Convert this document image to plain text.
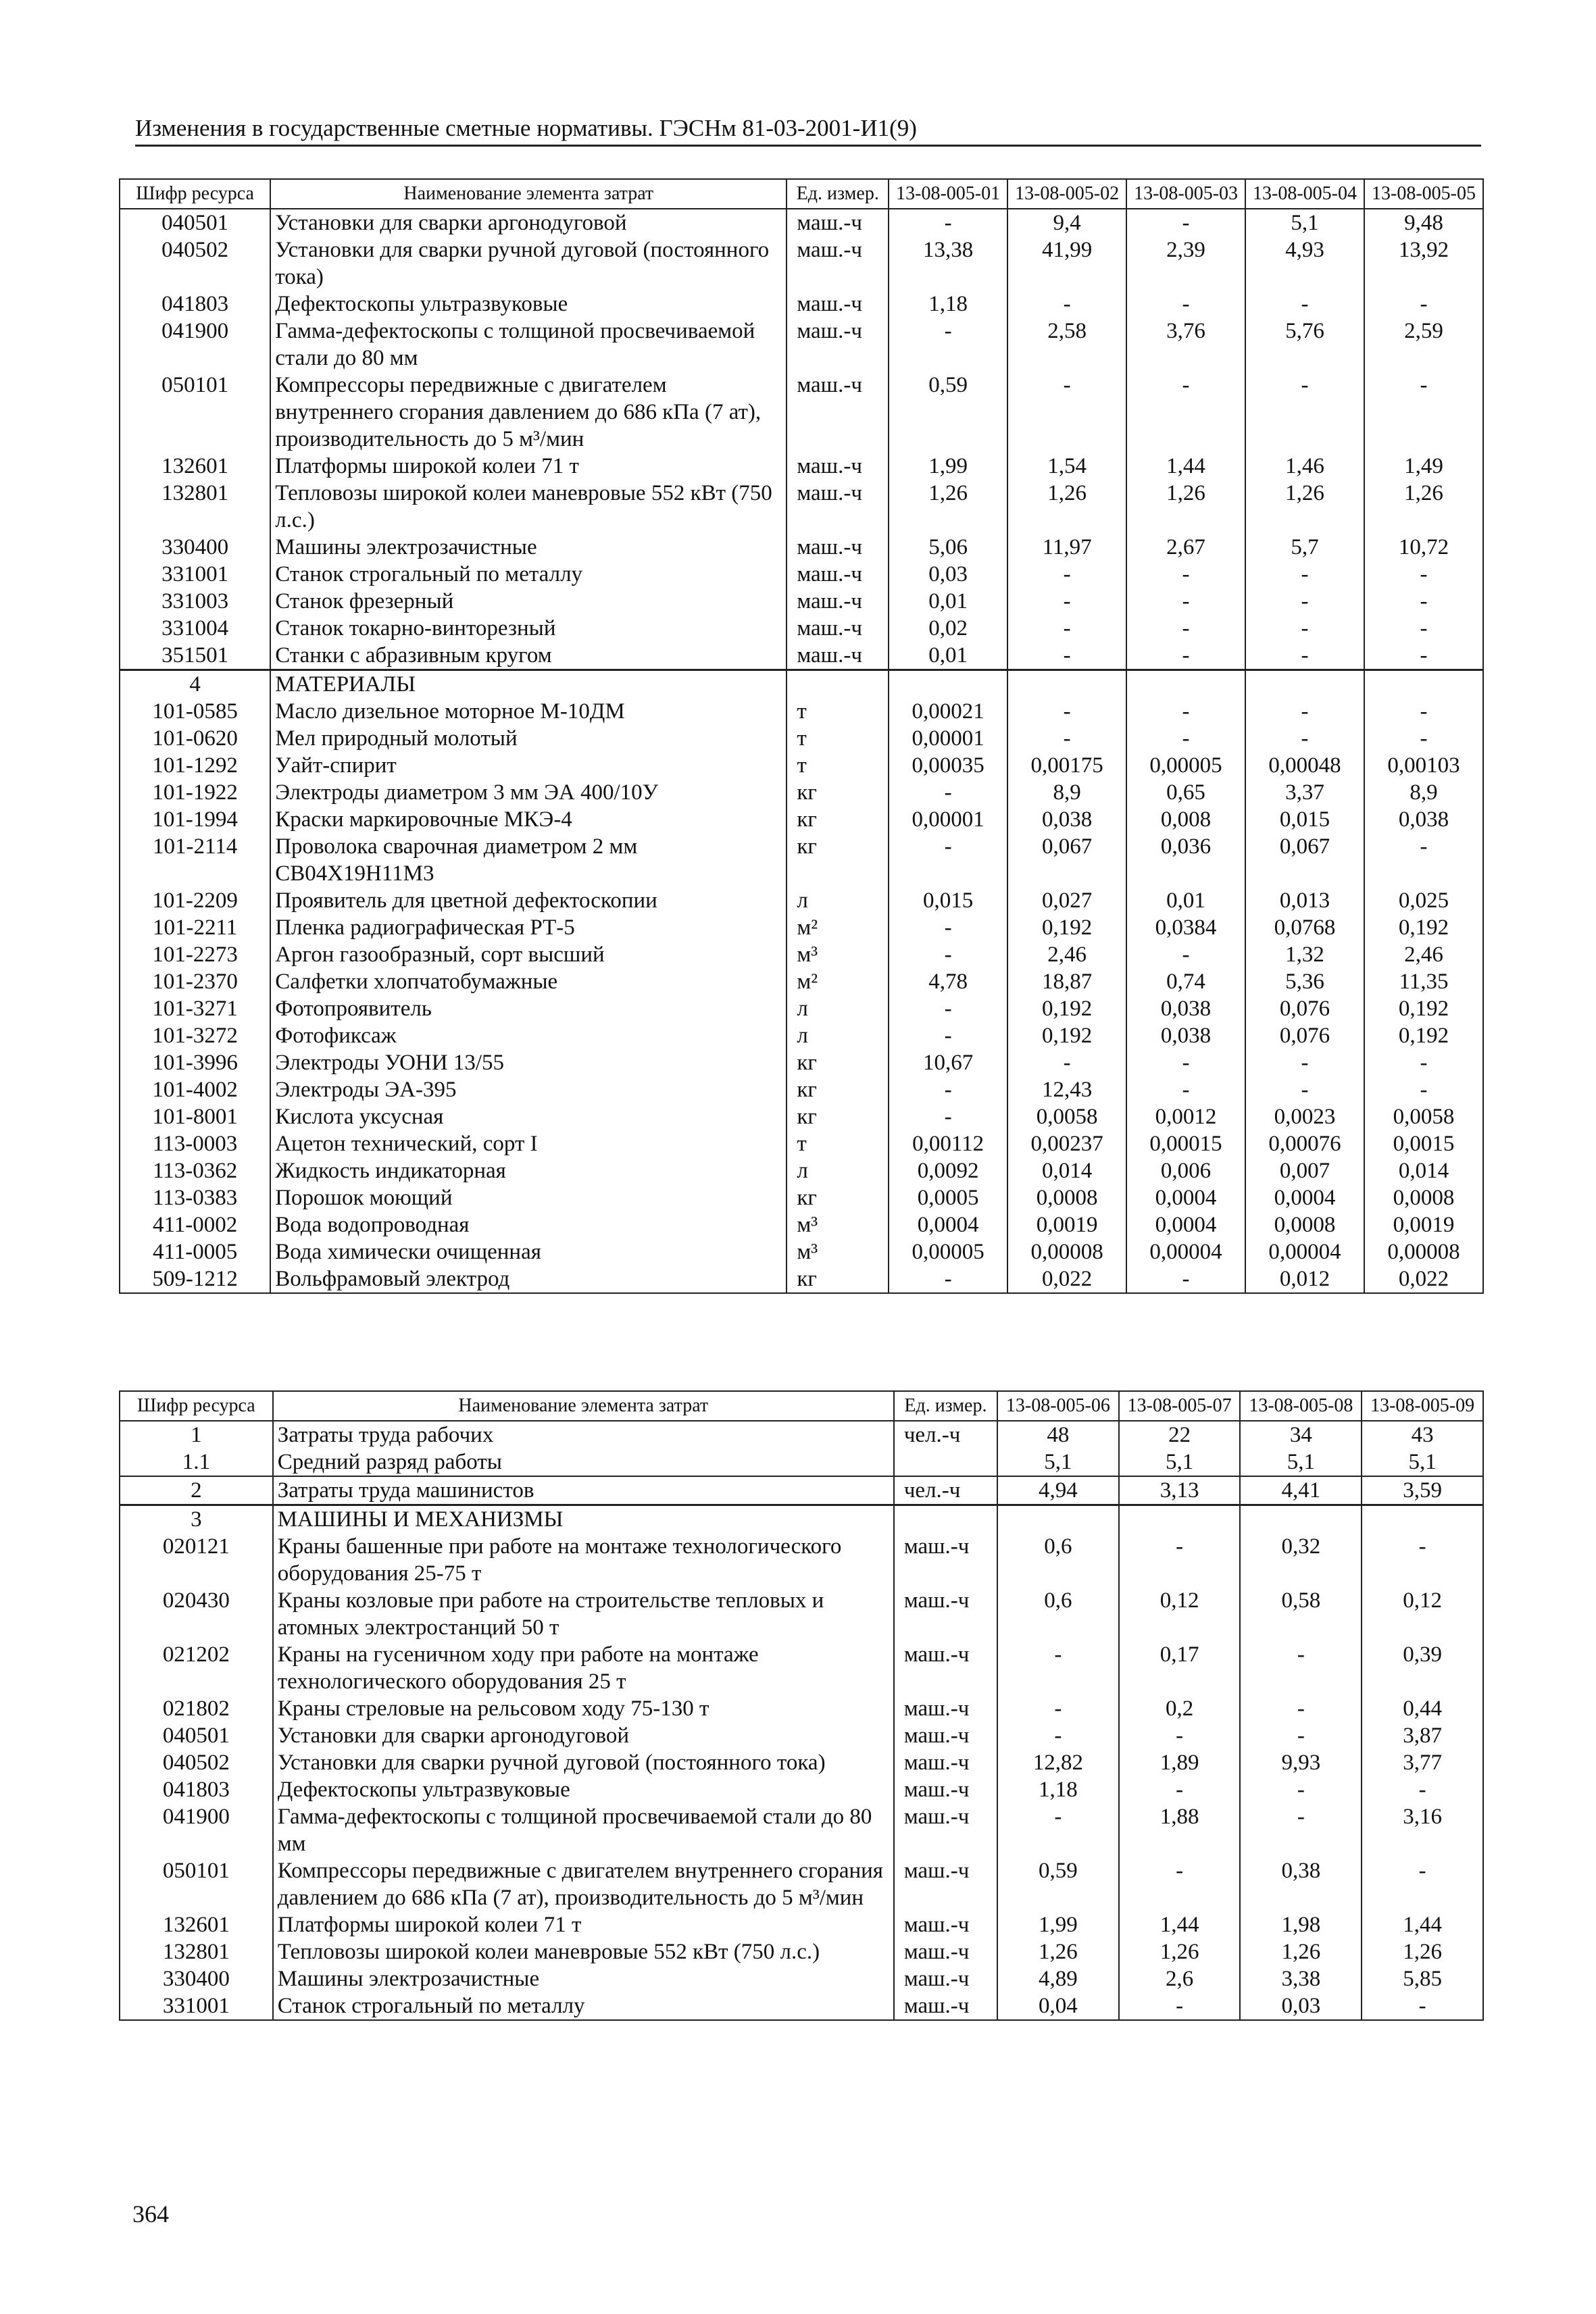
Изменения в государственные сметные нормативы. ГЭСНм 81-03-2001-И1(9)
Шифр ресурса	Наименование элемента затрат	Ед. измер.	13-08-005-01	13-08-005-02	13-08-005-03	13-08-005-04	13-08-005-05
040501	Установки для сварки аргонодуговой	маш.-ч	-	9,4	-	5,1	9,48
040502	Установки для сварки ручной дуговой (постоянного тока)	маш.-ч	13,38	41,99	2,39	4,93	13,92
041803	Дефектоскопы ультразвуковые	маш.-ч	1,18	-	-	-	-
041900	Гамма-дефектоскопы с толщиной просвечиваемой стали до 80 мм	маш.-ч	-	2,58	3,76	5,76	2,59
050101	Компрессоры передвижные с двигателем внутреннего сгорания давлением до 686 кПа (7 ат), производительность до 5 м³/мин	маш.-ч	0,59	-	-	-	-
132601	Платформы широкой колеи 71 т	маш.-ч	1,99	1,54	1,44	1,46	1,49
132801	Тепловозы широкой колеи маневровые 552 кВт (750 л.с.)	маш.-ч	1,26	1,26	1,26	1,26	1,26
330400	Машины электрозачистные	маш.-ч	5,06	11,97	2,67	5,7	10,72
331001	Станок строгальный по металлу	маш.-ч	0,03	-	-	-	-
331003	Станок фрезерный	маш.-ч	0,01	-	-	-	-
331004	Станок токарно-винторезный	маш.-ч	0,02	-	-	-	-
351501	Станки с абразивным кругом	маш.-ч	0,01	-	-	-	-
4	МАТЕРИАЛЫ						
101-0585	Масло дизельное моторное М-10ДМ	т	0,00021	-	-	-	-
101-0620	Мел природный молотый	т	0,00001	-	-	-	-
101-1292	Уайт-спирит	т	0,00035	0,00175	0,00005	0,00048	0,00103
101-1922	Электроды диаметром 3 мм ЭА 400/10У	кг	-	8,9	0,65	3,37	8,9
101-1994	Краски маркировочные МКЭ-4	кг	0,00001	0,038	0,008	0,015	0,038
101-2114	Проволока сварочная диаметром 2 мм СВ04Х19Н11М3	кг	-	0,067	0,036	0,067	-
101-2209	Проявитель для цветной дефектоскопии	л	0,015	0,027	0,01	0,013	0,025
101-2211	Пленка радиографическая РТ-5	м²	-	0,192	0,0384	0,0768	0,192
101-2273	Аргон газообразный, сорт высший	м³	-	2,46	-	1,32	2,46
101-2370	Салфетки хлопчатобумажные	м²	4,78	18,87	0,74	5,36	11,35
101-3271	Фотопроявитель	л	-	0,192	0,038	0,076	0,192
101-3272	Фотофиксаж	л	-	0,192	0,038	0,076	0,192
101-3996	Электроды УОНИ 13/55	кг	10,67	-	-	-	-
101-4002	Электроды ЭА-395	кг	-	12,43	-	-	-
101-8001	Кислота уксусная	кг	-	0,0058	0,0012	0,0023	0,0058
113-0003	Ацетон технический, сорт I	т	0,00112	0,00237	0,00015	0,00076	0,0015
113-0362	Жидкость индикаторная	л	0,0092	0,014	0,006	0,007	0,014
113-0383	Порошок моющий	кг	0,0005	0,0008	0,0004	0,0004	0,0008
411-0002	Вода водопроводная	м³	0,0004	0,0019	0,0004	0,0008	0,0019
411-0005	Вода химически очищенная	м³	0,00005	0,00008	0,00004	0,00004	0,00008
509-1212	Вольфрамовый электрод	кг	-	0,022	-	0,012	0,022
Шифр ресурса	Наименование элемента затрат	Ед. измер.	13-08-005-06	13-08-005-07	13-08-005-08	13-08-005-09
1	Затраты труда рабочих	чел.-ч	48	22	34	43
1.1	Средний разряд работы		5,1	5,1	5,1	5,1
2	Затраты труда машинистов	чел.-ч	4,94	3,13	4,41	3,59
3	МАШИНЫ И МЕХАНИЗМЫ					
020121	Краны башенные при работе на монтаже технологического оборудования 25-75 т	маш.-ч	0,6	-	0,32	-
020430	Краны козловые при работе на строительстве тепловых и атомных электростанций 50 т	маш.-ч	0,6	0,12	0,58	0,12
021202	Краны на гусеничном ходу при работе на монтаже технологического оборудования 25 т	маш.-ч	-	0,17	-	0,39
021802	Краны стреловые на рельсовом ходу 75-130 т	маш.-ч	-	0,2	-	0,44
040501	Установки для сварки аргонодуговой	маш.-ч	-	-	-	3,87
040502	Установки для сварки ручной дуговой (постоянного тока)	маш.-ч	12,82	1,89	9,93	3,77
041803	Дефектоскопы ультразвуковые	маш.-ч	1,18	-	-	-
041900	Гамма-дефектоскопы с толщиной просвечиваемой стали до 80 мм	маш.-ч	-	1,88	-	3,16
050101	Компрессоры передвижные с двигателем внутреннего сгорания давлением до 686 кПа (7 ат), производительность до 5 м³/мин	маш.-ч	0,59	-	0,38	-
132601	Платформы широкой колеи 71 т	маш.-ч	1,99	1,44	1,98	1,44
132801	Тепловозы широкой колеи маневровые 552 кВт (750 л.с.)	маш.-ч	1,26	1,26	1,26	1,26
330400	Машины электрозачистные	маш.-ч	4,89	2,6	3,38	5,85
331001	Станок строгальный по металлу	маш.-ч	0,04	-	0,03	-
364
